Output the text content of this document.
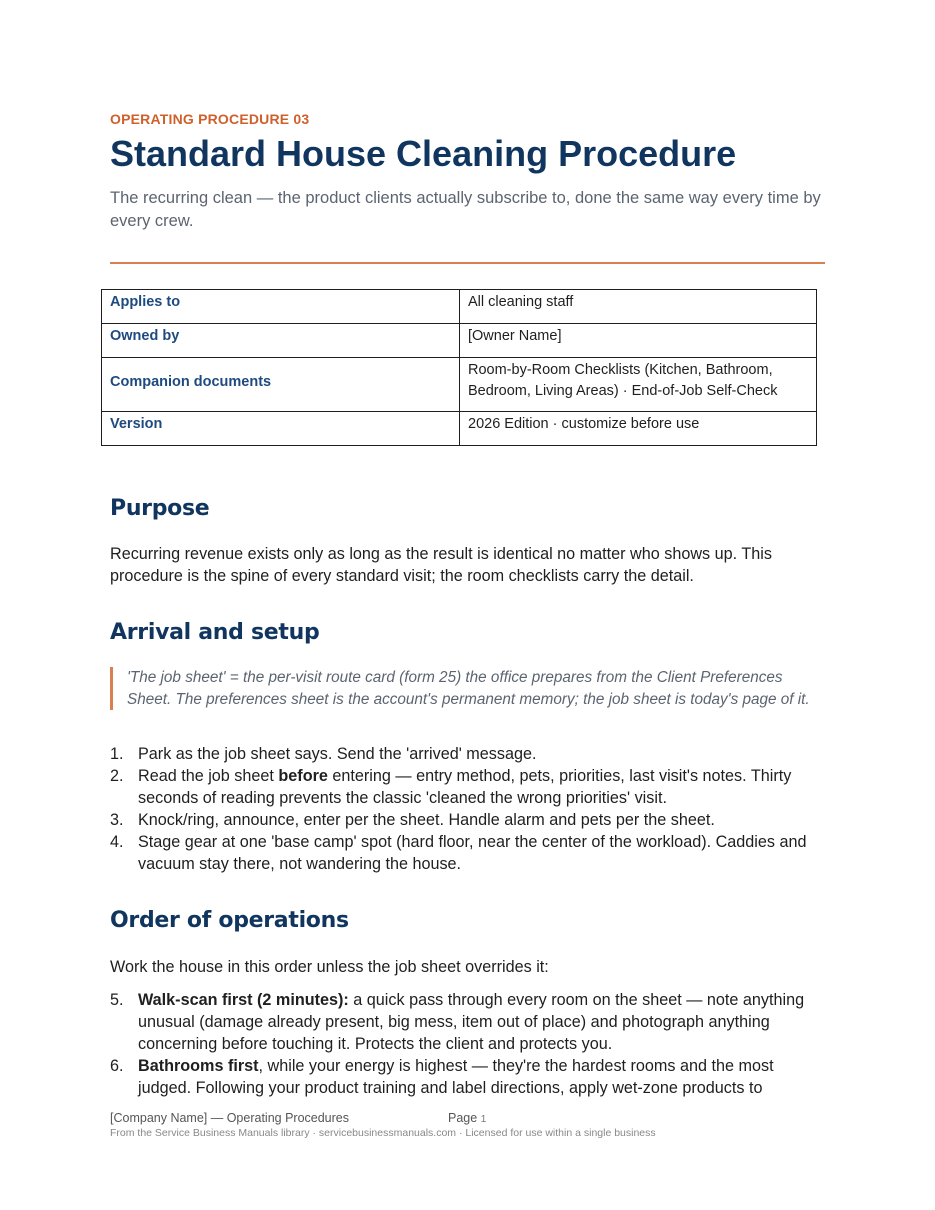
OPERATING PROCEDURE 03
Standard House Cleaning Procedure
The recurring clean — the product clients actually subscribe to, done the same way every time by every crew.
Applies to	All cleaning staff
Owned by	[Owner Name]
Companion documents	Room-by-Room Checklists (Kitchen, Bathroom, Bedroom, Living Areas) · End-of-Job Self-Check
Version	2026 Edition · customize before use
Purpose
Recurring revenue exists only as long as the result is identical no matter who shows up. This procedure is the spine of every standard visit; the room checklists carry the detail.
Arrival and setup
'The job sheet' = the per-visit route card (form 25) the office prepares from the Client Preferences Sheet. The preferences sheet is the account's permanent memory; the job sheet is today's page of it.
1. Park as the job sheet says. Send the 'arrived' message.
2. Read the job sheet before entering — entry method, pets, priorities, last visit's notes. Thirty seconds of reading prevents the classic 'cleaned the wrong priorities' visit.
3. Knock/ring, announce, enter per the sheet. Handle alarm and pets per the sheet.
4. Stage gear at one 'base camp' spot (hard floor, near the center of the workload). Caddies and vacuum stay there, not wandering the house.
Order of operations
Work the house in this order unless the job sheet overrides it:
5. Walk-scan first (2 minutes): a quick pass through every room on the sheet — note anything unusual (damage already present, big mess, item out of place) and photograph anything concerning before touching it. Protects the client and protects you.
6. Bathrooms first, while your energy is highest — they're the hardest rooms and the most judged. Following your product training and label directions, apply wet-zone products to
[Company Name] — Operating Procedures	Page 1
From the Service Business Manuals library · servicebusinessmanuals.com · Licensed for use within a single business
